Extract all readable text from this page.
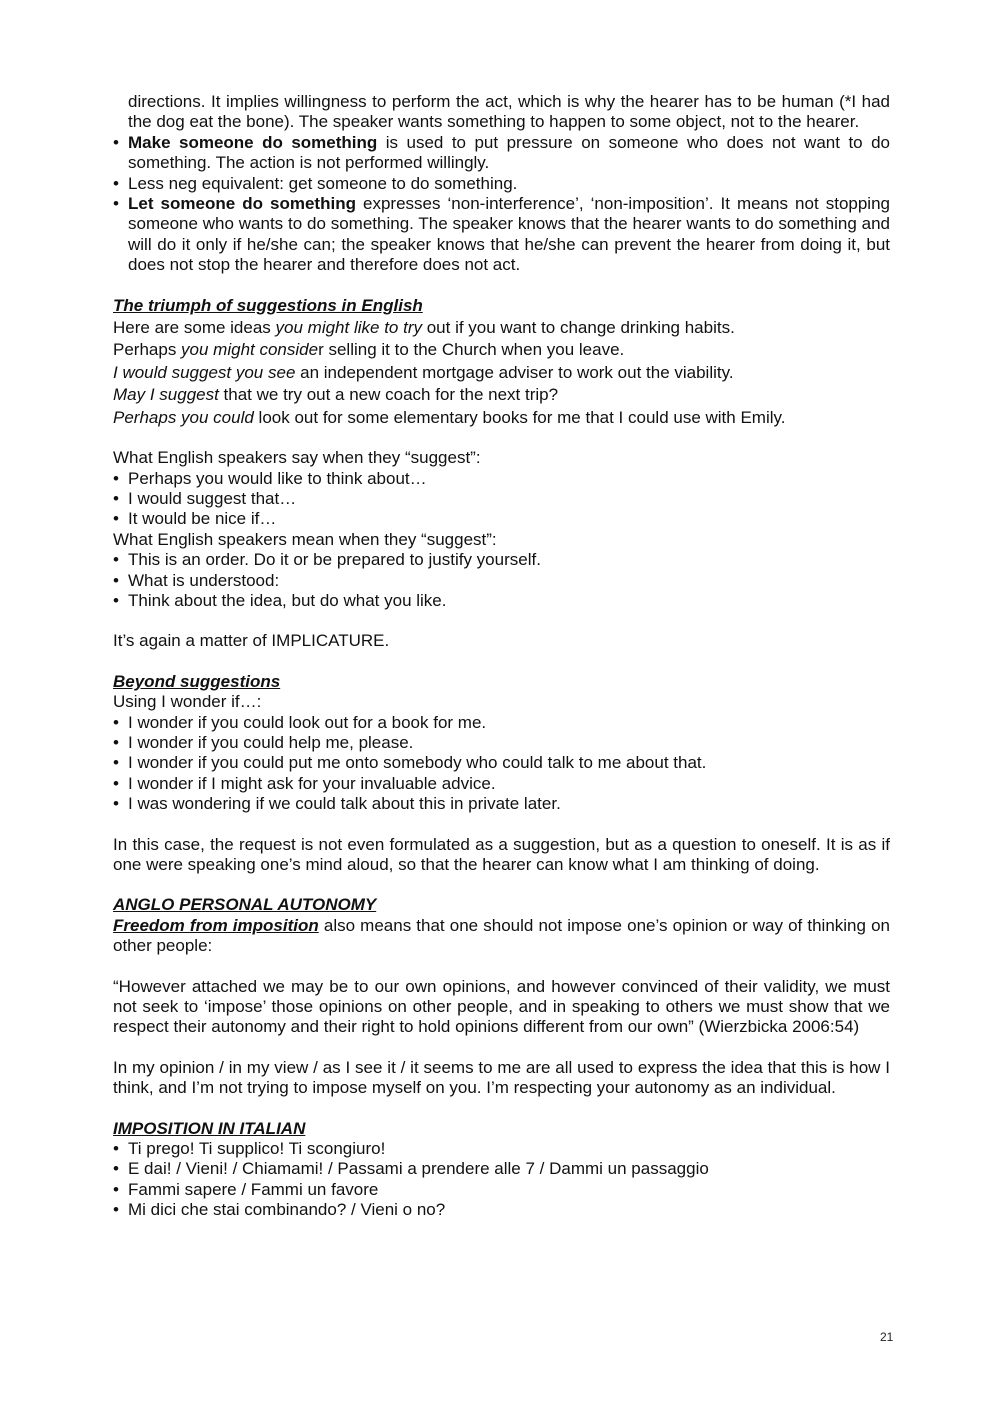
directions. It implies willingness to perform the act, which is why the hearer has to be human (*I had the dog eat the bone). The speaker wants something to happen to some object, not to the hearer.
• Make someone do something is used to put pressure on someone who does not want to do something. The action is not performed willingly.
• Less neg equivalent: get someone to do something.
• Let someone do something expresses ‘non-interference’, ‘non-imposition’. It means not stopping someone who wants to do something. The speaker knows that the hearer wants to do something and will do it only if he/she can; the speaker knows that he/she can prevent the hearer from doing it, but does not stop the hearer and therefore does not act.

The triumph of suggestions in English

Here are some ideas you might like to try out if you want to change drinking habits.

Perhaps you might consider selling it to the Church when you leave.

I would suggest you see an independent mortgage adviser to work out the viability.

May I suggest that we try out a new coach for the next trip?

Perhaps you could look out for some elementary books for me that I could use with Emily.

What English speakers say when they “suggest”:

• Perhaps you would like to think about…
• I would suggest that…
• It would be nice if…

What English speakers mean when they “suggest”:

• This is an order. Do it or be prepared to justify yourself.
• What is understood:
• Think about the idea, but do what you like.

It’s again a matter of IMPLICATURE.

Beyond suggestions

Using I wonder if…:

• I wonder if you could look out for a book for me.
• I wonder if you could help me, please.
• I wonder if you could put me onto somebody who could talk to me about that.
• I wonder if I might ask for your invaluable advice.
• I was wondering if we could talk about this in private later.

In this case, the request is not even formulated as a suggestion, but as a question to oneself. It is as if one were speaking one’s mind aloud, so that the hearer can know what I am thinking of doing.

ANGLO PERSONAL AUTONOMY

Freedom from imposition also means that one should not impose one’s opinion or way of thinking on other people:

“However attached we may be to our own opinions, and however convinced of their validity, we must not seek to ‘impose’ those opinions on other people, and in speaking to others we must show that we respect their autonomy and their right to hold opinions different from our own” (Wierzbicka 2006:54)

In my opinion / in my view / as I see it / it seems to me are all used to express the idea that this is how I think, and I’m not trying to impose myself on you. I’m respecting your autonomy as an individual.

IMPOSITION IN ITALIAN

• Ti prego! Ti supplico! Ti scongiuro!
• E dai! / Vieni! / Chiamami! / Passami a prendere alle 7 / Dammi un passaggio
• Fammi sapere / Fammi un favore
• Mi dici che stai combinando? / Vieni o no?
21
